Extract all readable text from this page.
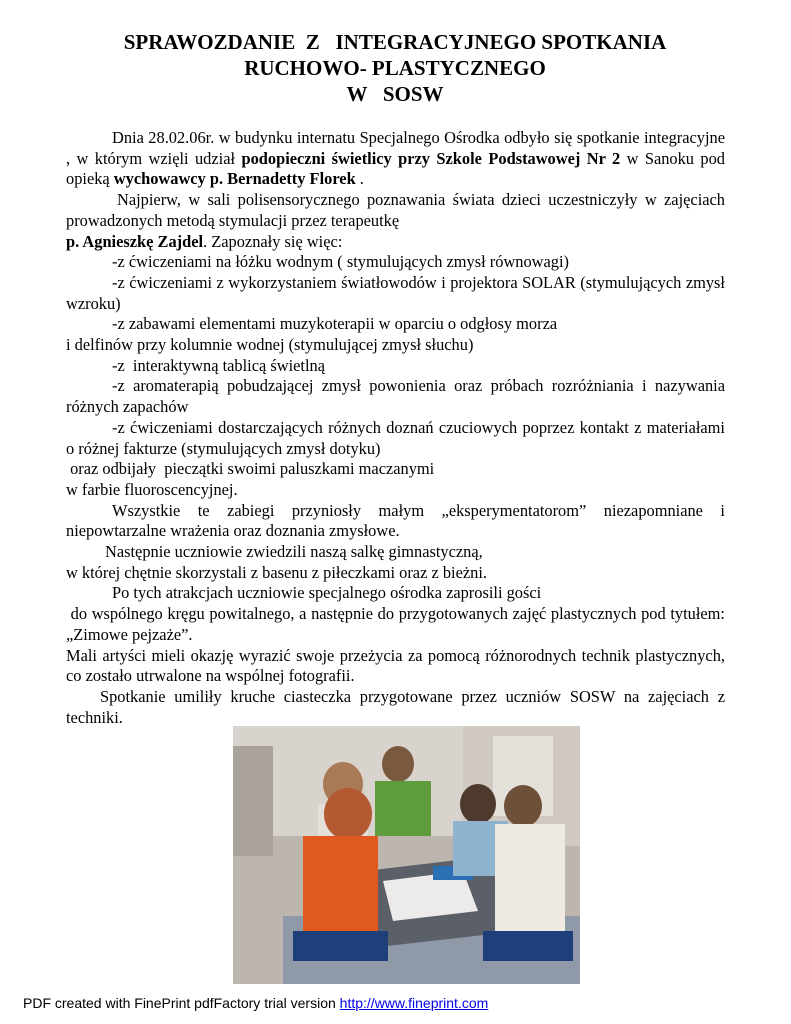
SPRAWOZDANIE  Z   INTEGRACYJNEGO SPOTKANIA
RUCHOWO- PLASTYCZNEGO
W   SOSW

Dnia 28.02.06r. w budynku internatu Specjalnego Ośrodka odbyło się spotkanie integracyjne , w którym wzięli udział podopieczni świetlicy przy Szkole Podstawowej Nr 2 w Sanoku pod opieką wychowawcy p. Bernadetty Florek .

Najpierw, w sali polisensorycznego poznawania świata dzieci uczestniczyły w zajęciach prowadzonych metodą stymulacji przez terapeutkę

p. Agnieszkę Zajdel. Zapoznały się więc:

-z ćwiczeniami na łóżku wodnym ( stymulujących zmysł równowagi)

-z ćwiczeniami z wykorzystaniem światłowodów i projektora SOLAR (stymulujących zmysł wzroku)

-z zabawami elementami muzykoterapii w oparciu o odgłosy morza

i delfinów przy kolumnie wodnej (stymulującej zmysł słuchu)

-z  interaktywną tablicą świetlną

-z aromaterapią pobudzającej zmysł powonienia oraz próbach rozróżniania i nazywania różnych zapachów

-z ćwiczeniami dostarczających różnych doznań czuciowych poprzez kontakt z materiałami o różnej fakturze (stymulujących zmysł dotyku)

oraz odbijały  pieczątki swoimi paluszkami maczanymi

w farbie fluoroscencyjnej.

Wszystkie te zabiegi przyniosły małym „eksperymentatorom” niezapomniane i niepowtarzalne wrażenia oraz doznania zmysłowe.

Następnie uczniowie zwiedzili naszą salkę gimnastyczną,

w której chętnie skorzystali z basenu z piłeczkami oraz z bieżni.

Po tych atrakcjach uczniowie specjalnego ośrodka zaprosili gości

do wspólnego kręgu powitalnego, a następnie do przygotowanych zajęć plastycznych pod tytułem: „Zimowe pejzaże”.

Mali artyści mieli okazję wyrazić swoje przeżycia za pomocą różnorodnych technik plastycznych, co zostało utrwalone na wspólnej fotografii.

Spotkanie umiliły kruche ciasteczka przygotowane przez uczniów SOSW na zajęciach z techniki.

PDF created with FinePrint pdfFactory trial version http://www.fineprint.com
